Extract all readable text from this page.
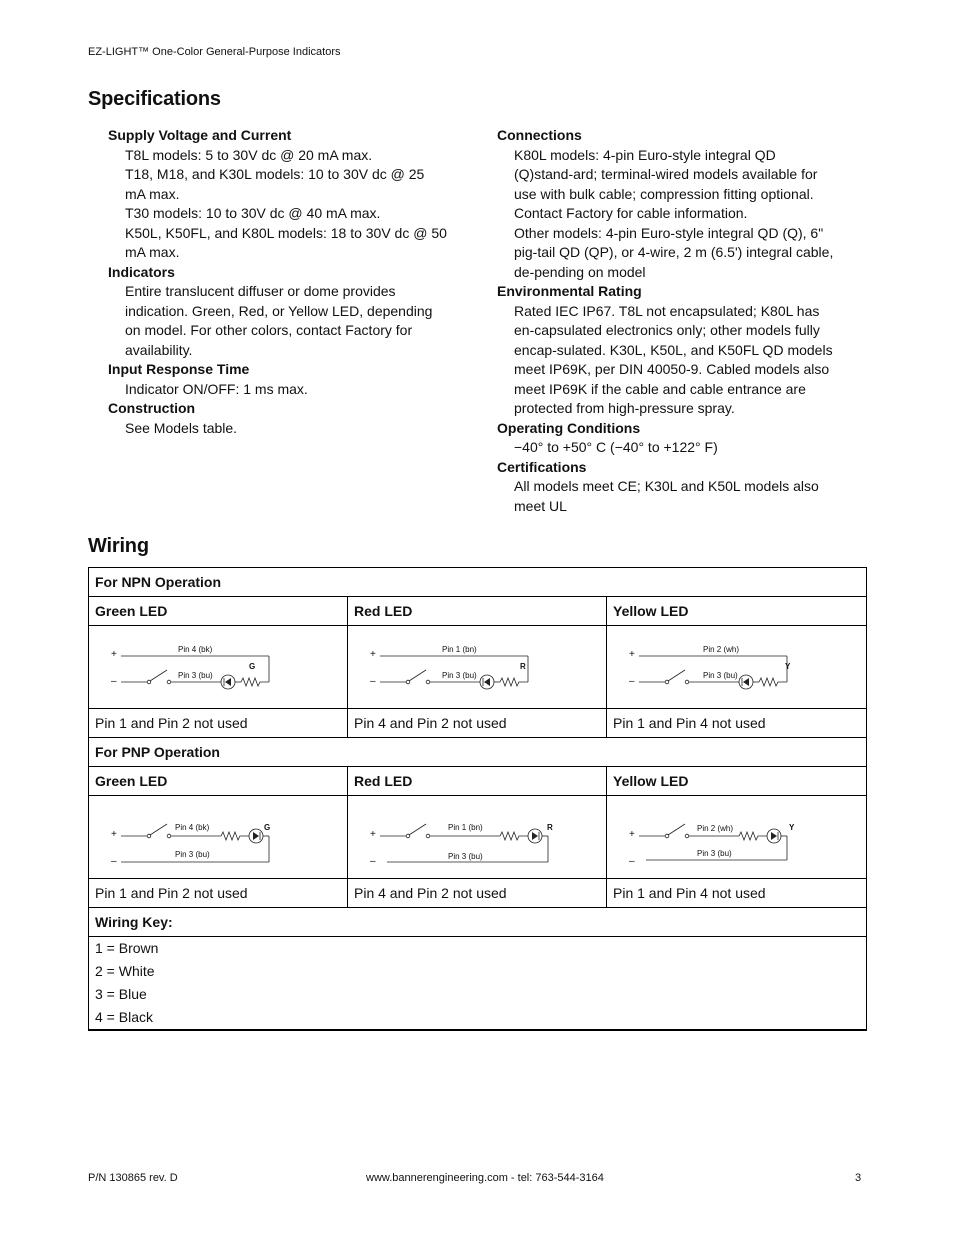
EZ-LIGHT™ One-Color General-Purpose Indicators
Specifications

Supply Voltage and Current

T8L models: 5 to 30V dc @ 20 mA max.

T18, M18, and K30L models: 10 to 30V dc @ 25 mA max.

T30 models: 10 to 30V dc @ 40 mA max.

K50L, K50FL, and K80L models: 18 to 30V dc @ 50 mA max.

Indicators

Entire translucent diffuser or dome provides indication. Green, Red, or Yellow LED, depending on model. For other colors, contact Factory for availability.

Input Response Time

Indicator ON/OFF: 1 ms max.

Construction

See Models table.

Connections

K80L models: 4-pin Euro-style integral QD (Q)stand-ard; terminal-wired models available for use with bulk cable; compression fitting optional. Contact Factory for cable information.

Other models: 4-pin Euro-style integral QD (Q), 6" pig-tail QD (QP), or 4-wire, 2 m (6.5') integral cable, de-pending on model

Environmental Rating

Rated IEC IP67. T8L not encapsulated; K80L has en-capsulated electronics only; other models fully encap-sulated. K30L, K50L, and K50FL QD models meet IP69K, per DIN 40050-9. Cabled models also meet IP69K if the cable and cable entrance are protected from high-pressure spray.

Operating Conditions

−40° to +50° C (−40° to +122° F)

Certifications

All models meet CE; K30L and K50L models also meet UL

Wiring
For NPN Operation		
Green LED	Red LED	Yellow LED

+
–
Pin 4 (bk)
Pin 3 (bu)
G	+
–
Pin 1 (bn)
Pin 3 (bu)
R	+
–
Pin 2 (wh)
Pin 3 (bu)
Y

Pin 1 and Pin 2 not used	Pin 4 and Pin 2 not used	Pin 1 and Pin 4 not used
For PNP Operation		
Green LED	Red LED	Yellow LED

+
–
Pin 4 (bk)
Pin 3 (bu)
G	+
–
Pin 1 (bn)
Pin 3 (bu)
R	+
–
Pin 2 (wh)
Pin 3 (bu)
Y

Pin 1 and Pin 2 not used	Pin 4 and Pin 2 not used	Pin 1 and Pin 4 not used
Wiring Key:		

1 = Brown

2 = White

3 = Blue

4 = Black		

P/N 130865 rev. D	www.bannerengineering.com - tel: 763-544-3164	3
